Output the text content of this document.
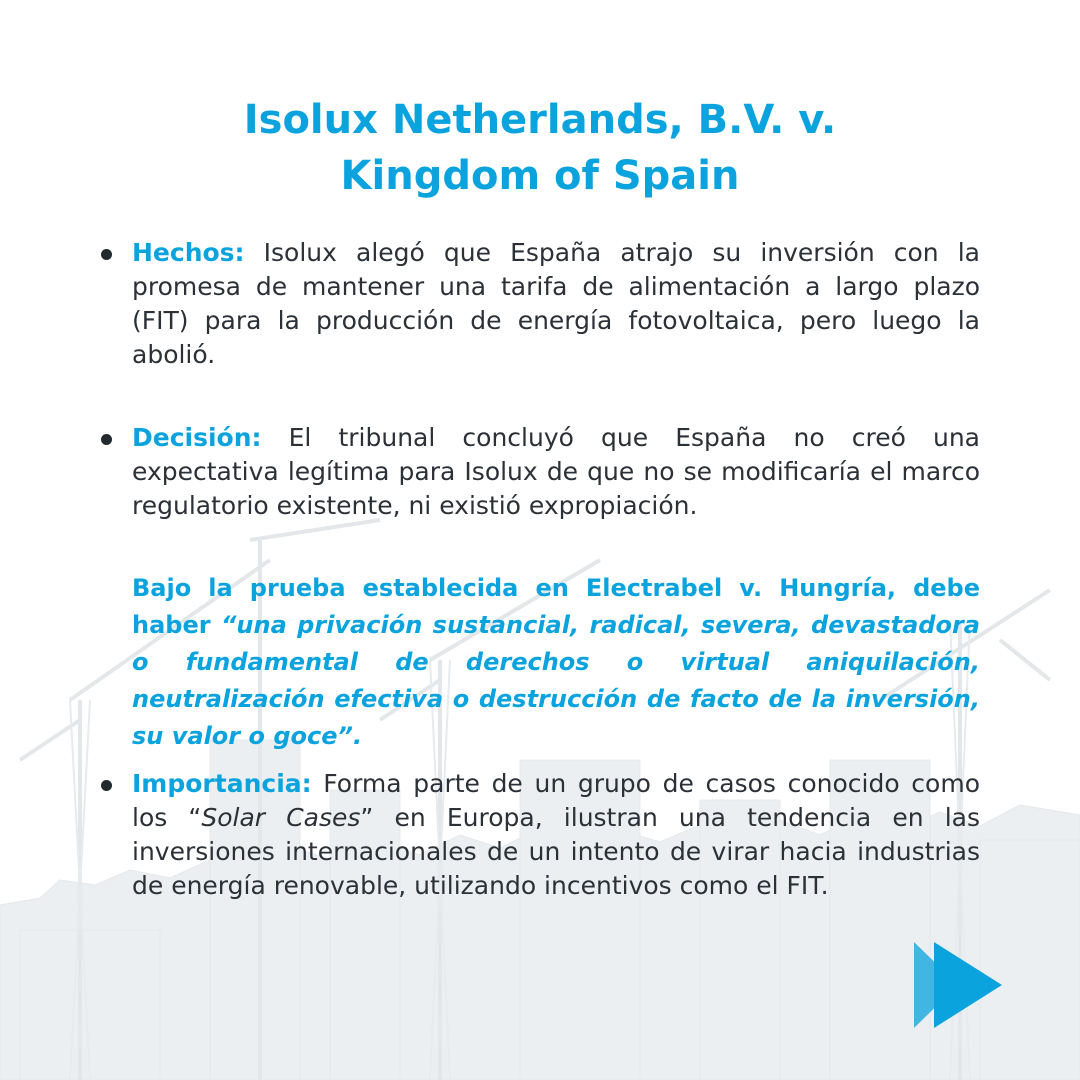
Isolux Netherlands, B.V. v.
Kingdom of Spain

Hechos: Isolux alegó que España atrajo su inversión con la promesa de mantener una tarifa de alimentación a largo plazo (FIT) para la producción de energía fotovoltaica, pero luego la abolió.

Decisión: El tribunal concluyó que España no creó una expectativa legítima para Isolux de que no se modificaría el marco regulatorio existente, ni existió expropiación.

Bajo la prueba establecida en Electrabel v. Hungría, debe haber “una privación sustancial, radical, severa, devastadora o fundamental de derechos o virtual aniquilación, neutralización efectiva o destrucción de facto de la inversión, su valor o goce”.

Importancia: Forma parte de un grupo de casos conocido como los “Solar Cases” en Europa, ilustran una tendencia en las inversiones internacionales de un intento de virar hacia industrias de energía renovable, utilizando incentivos como el FIT.
